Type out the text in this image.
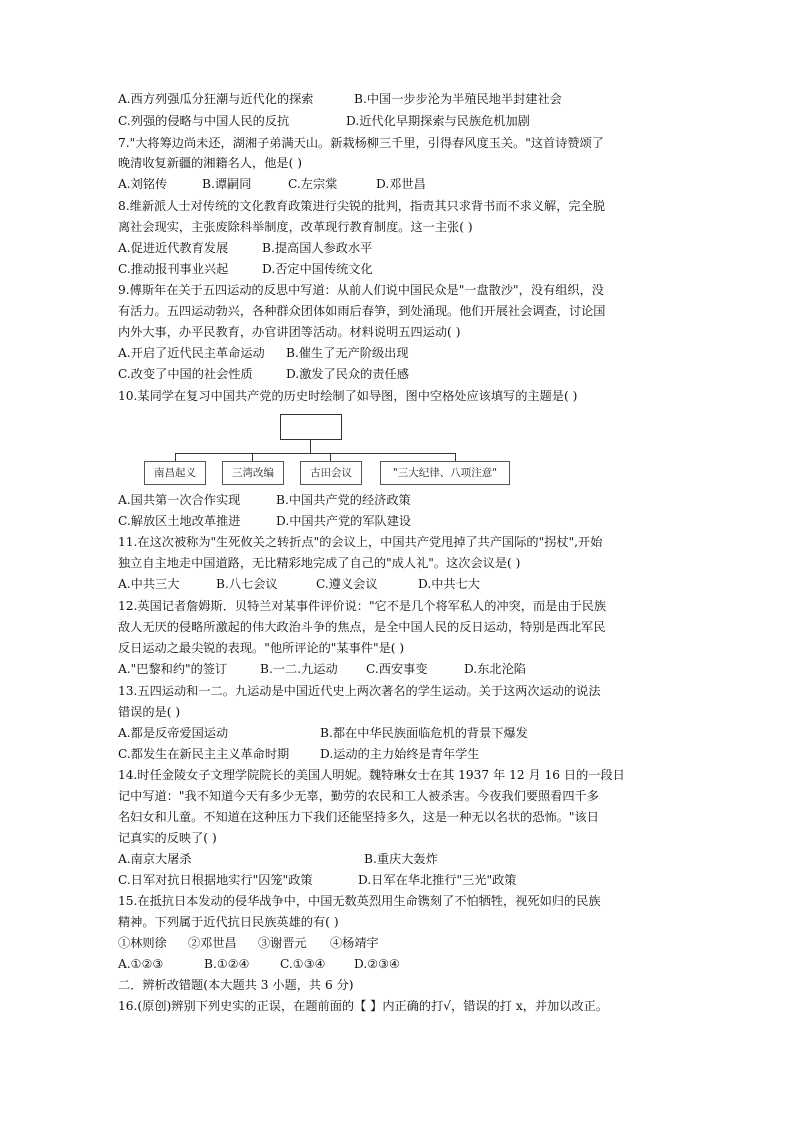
A.西方列强瓜分狂潮与近代化的探索	B.中国一步步沦为半殖民地半封建社会
C.列强的侵略与中国人民的反抗	D.近代化早期探索与民族危机加剧
7."大将筹边尚未还，湖湘子弟满天山。新栽杨柳三千里，引得春风度玉关。"这首诗赞颂了
晚清收复新疆的湘籍名人，他是( )
A.刘铭传	B.谭嗣同	C.左宗棠	D.邓世昌
8.维新派人士对传统的文化教育政策进行尖锐的批判，指责其只求背书而不求义解，完全脱
离社会现实，主张废除科举制度，改革现行教育制度。这一主张( )
A.促进近代教育发展	B.提高国人参政水平
C.推动报刊事业兴起	D.否定中国传统文化
9.傅斯年在关于五四运动的反思中写道：从前人们说中国民众是"一盘散沙"，没有组织，没
有活力。五四运动勃兴，各种群众团体如雨后春笋，到处涌现。他们开展社会调查，讨论国
内外大事，办平民教育，办官讲团等活动。材料说明五四运动( )
A.开启了近代民主革命运动 B.催生了无产阶级出现
C.改变了中国的社会性质	D.激发了民众的责任感
10.某同学在复习中国共产党的历史时绘制了如导图，图中空格处应该填写的主题是( )
A.国共第一次合作实现	B.中国共产党的经济政策
C.解放区土地改革推进	D.中国共产党的军队建设
11.在这次被称为"生死攸关之转折点"的会议上，中国共产党甩掉了共产国际的"拐杖",开始
独立自主地走中国道路，无比精彩地完成了自己的"成人礼"。这次会议是( )
A.中共三大	B.八七会议	C.遵义会议	D.中共七大
12.英国记者詹姆斯．贝特兰对某事件评价说："它不是几个将军私人的冲突，而是由于民族
敌人无厌的侵略所激起的伟大政治斗争的焦点，是全中国人民的反日运动，特别是西北军民
反日运动之最尖锐的表现。"他所评论的"某事件"是( )
A."巴黎和约"的签订	B.一二.九运动 C.西安事变	D.东北沦陷
13.五四运动和一二。九运动是中国近代史上两次著名的学生运动。关于这两次运动的说法
错误的是( )
A.都是反帝爱国运动	B.都在中华民族面临危机的背景下爆发
C.都发生在新民主主义革命时期	D.运动的主力始终是青年学生
14.时任金陵女子文理学院院长的美国人明妮。魏特琳女士在其 1937 年 12 月 16 日的一段日
记中写道："我不知道今天有多少无辜，勤劳的农民和工人被杀害。今夜我们要照看四千多
名妇女和儿童。不知道在这种压力下我们还能坚持多久，这是一种无以名状的恐怖。"该日
记真实的反映了( )
A.南京大屠杀	B.重庆大轰炸
C.日军对抗日根据地实行"囚笼"政策	D.日军在华北推行"三光"政策
15.在抵抗日本发动的侵华战争中，中国无数英烈用生命镌刻了不怕牺牲，视死如归的民族
精神。下列属于近代抗日民族英雄的有( )
①林则徐 ②邓世昌 ③谢晋元 ④杨靖宇
A.①②③	B.①②④ C.①③④ D.②③④
二．辨析改错题(本大题共 3 小题，共 6 分)
16.(原创)辨别下列史实的正误，在题前面的【 】内正确的打√，错误的打 x，并加以改正。
南昌起义	三湾改编	古田会议	"三大纪律、八项注意"
